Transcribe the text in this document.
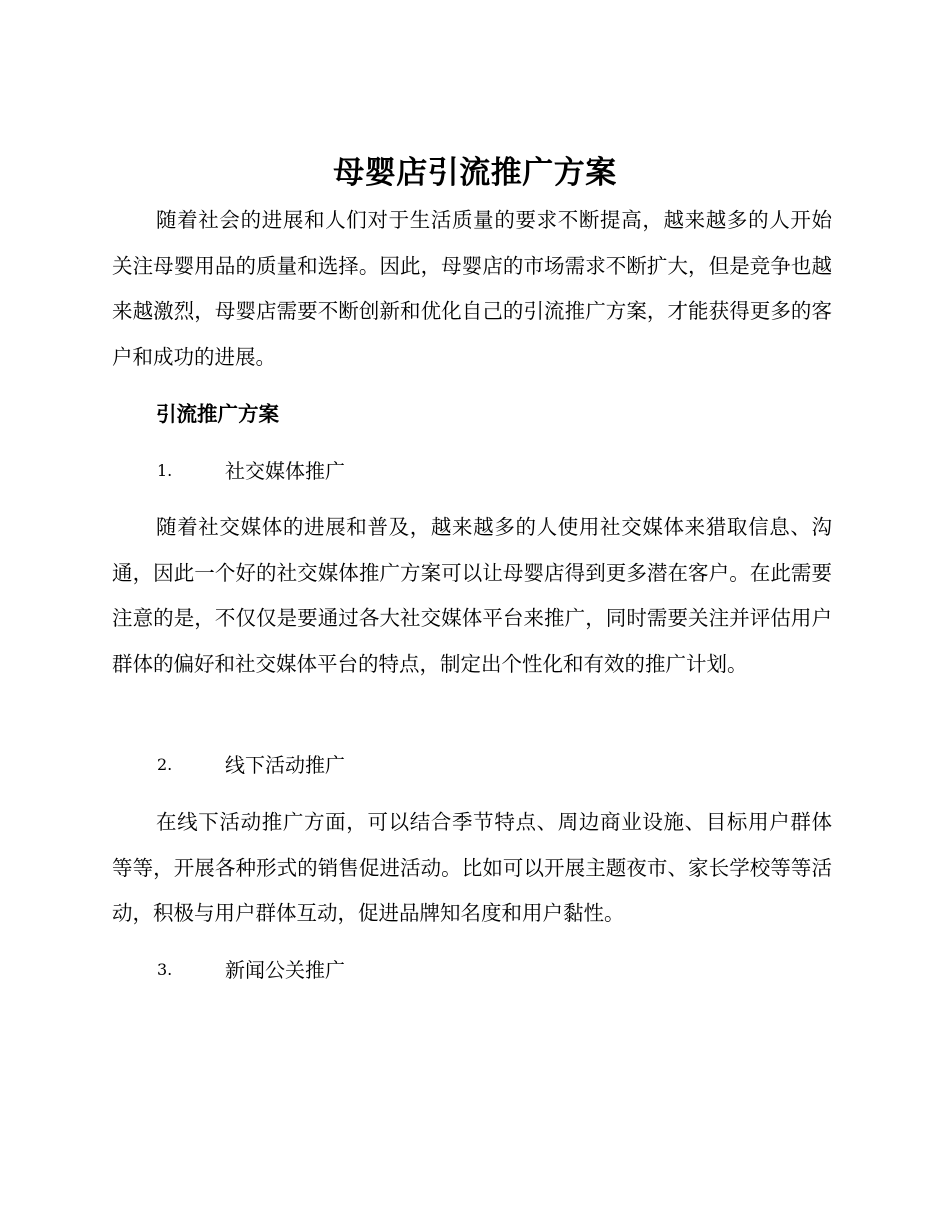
母婴店引流推广方案

随着社会的进展和人们对于生活质量的要求不断提高，越来越多的人开始关注母婴用品的质量和选择。因此，母婴店的市场需求不断扩大，但是竞争也越来越激烈，母婴店需要不断创新和优化自己的引流推广方案，才能获得更多的客户和成功的进展。

引流推广方案
1.	社交媒体推广

随着社交媒体的进展和普及，越来越多的人使用社交媒体来猎取信息、沟通，因此一个好的社交媒体推广方案可以让母婴店得到更多潜在客户。在此需要注意的是，不仅仅是要通过各大社交媒体平台来推广，同时需要关注并评估用户群体的偏好和社交媒体平台的特点，制定出个性化和有效的推广计划。

2.	线下活动推广

在线下活动推广方面，可以结合季节特点、周边商业设施、目标用户群体等等，开展各种形式的销售促进活动。比如可以开展主题夜市、家长学校等等活动，积极与用户群体互动，促进品牌知名度和用户黏性。

3.	新闻公关推广
